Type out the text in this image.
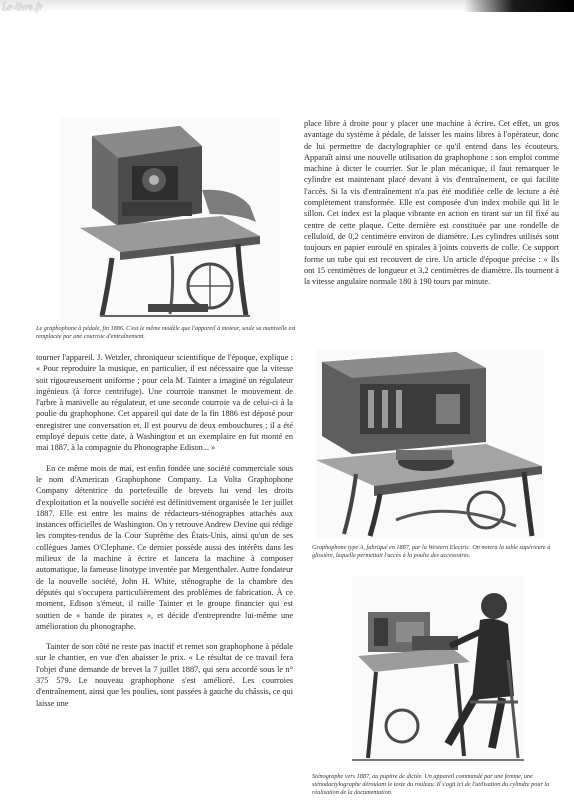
Le-livre.fr
Le graphophone à pédale, fin 1886. C'est le même modèle que l'appareil à moteur, seule sa manivelle est remplacée par une courroie d'entraînement.

tourner l'appareil. J. Wetzler, chroniqueur scientifique de l'époque, explique : « Pour reproduire la musique, en particulier, il est nécessaire que la vitesse soit rigoureusement uniforme ; pour cela M. Tainter a imaginé un régulateur ingénieux (à force centrifuge). Une courroie transmet le mouvement de l'arbre à manivelle au régulateur, et une seconde courroie va de celui-ci à la poulie du graphophone. Cet appareil qui date de la fin 1886 est déposé pour enregistrer une conversation et. Il est pourvu de deux embouchures ; il a été employé depuis cette date, à Washington et un exemplaire en fut monté en mai 1887, à la compagnie du Phonographe Edison... »

En ce même mois de mai, est enfin fondée une société commerciale sous le nom d'American Graphophone Company. La Volta Graphophone Company détentrice du portefeuille de brevets lui vend les droits d'exploitation et la nouvelle société est définitivement organisée le 1er juillet 1887. Elle est entre les mains de rédacteurs-sténographes attachés aux instances officielles de Washington. On y retrouve Andrew Devine qui rédige les comptes-rendus de la Cour Suprême des États-Unis, ainsi qu'un de ses collègues James O'Clephane. Ce dernier possède aussi des intérêts dans les milieux de la machine à écrire et lancera la machine à composer automatique, la fameuse linotype inventée par Mergenthaler. Autre fondateur de la nouvelle société, John H. White, sténographe de la chambre des députés qui s'occupera particulièrement des problèmes de fabrication. À ce moment, Edison s'émeut, il raille Tainter et le groupe financier qui est soutien de « bande de pirates », et décide d'entreprendre lui-même une amélioration du phonographe.

Tainter de son côté ne reste pas inactif et remet son graphophone à pédale sur le chantier, en vue d'en abaisser le prix. « Le résultat de ce travail fera l'objet d'une demande de brevet la 7 juillet 1887, qui sera accordé sous le n° 375 579. Le nouveau graphophone s'est amélioré. Les courroies d'entraînement, ainsi que les poulies, sont passées à gauche du châssis, ce qui laisse une

place libre à droite pour y placer une machine à écrire. Cet effet, un gros avantage du système à pédale, de laisser les mains libres à l'opérateur, donc de lui permettre de dactylographier ce qu'il entend dans les écouteurs. Apparaît ainsi une nouvelle utilisation du graphophone : son emploi comme machine à dicter le courrier. Sur le plan mécanique, il faut remarquer le cylindre est maintenant placé devant à vis d'entraînement, ce qui facilite l'accès. Si la vis d'entraînement n'a pas été modifiée celle de lecture a été complètement transformée. Elle est composée d'un index mobile qui lit le sillon. Cet index est la plaque vibrante en action en tirant sur un fil fixé au centre de cette plaque. Cette dernière est constituée par une rondelle de celluloïd, de 0,2 centimètre environ de diamètre. Les cylindres utilisés sont toujours en papier enroulé en spirales à joints couverts de colle. Ce support forme un tube qui est recouvert de cire. Un article d'époque précise : « Ils ont 15 centimètres de longueur et 3,2 centimètres de diamètre. Ils tournent à la vitesse angulaire normale 180 à 190 tours par minute.

Graphophone type A, fabriqué en 1887, par la Western Electric. On notera la table supérieure à glissière, laquelle permettait l'accès à la poulie des accessoires.
Sténographe vers 1887, au pupitre de dictée. Un appareil commandé par une femme, une sténodactylographe déroulant le texte du rouleau. Il s'agit ici de l'utilisation du cylindre pour la réalisation de la documentation.
